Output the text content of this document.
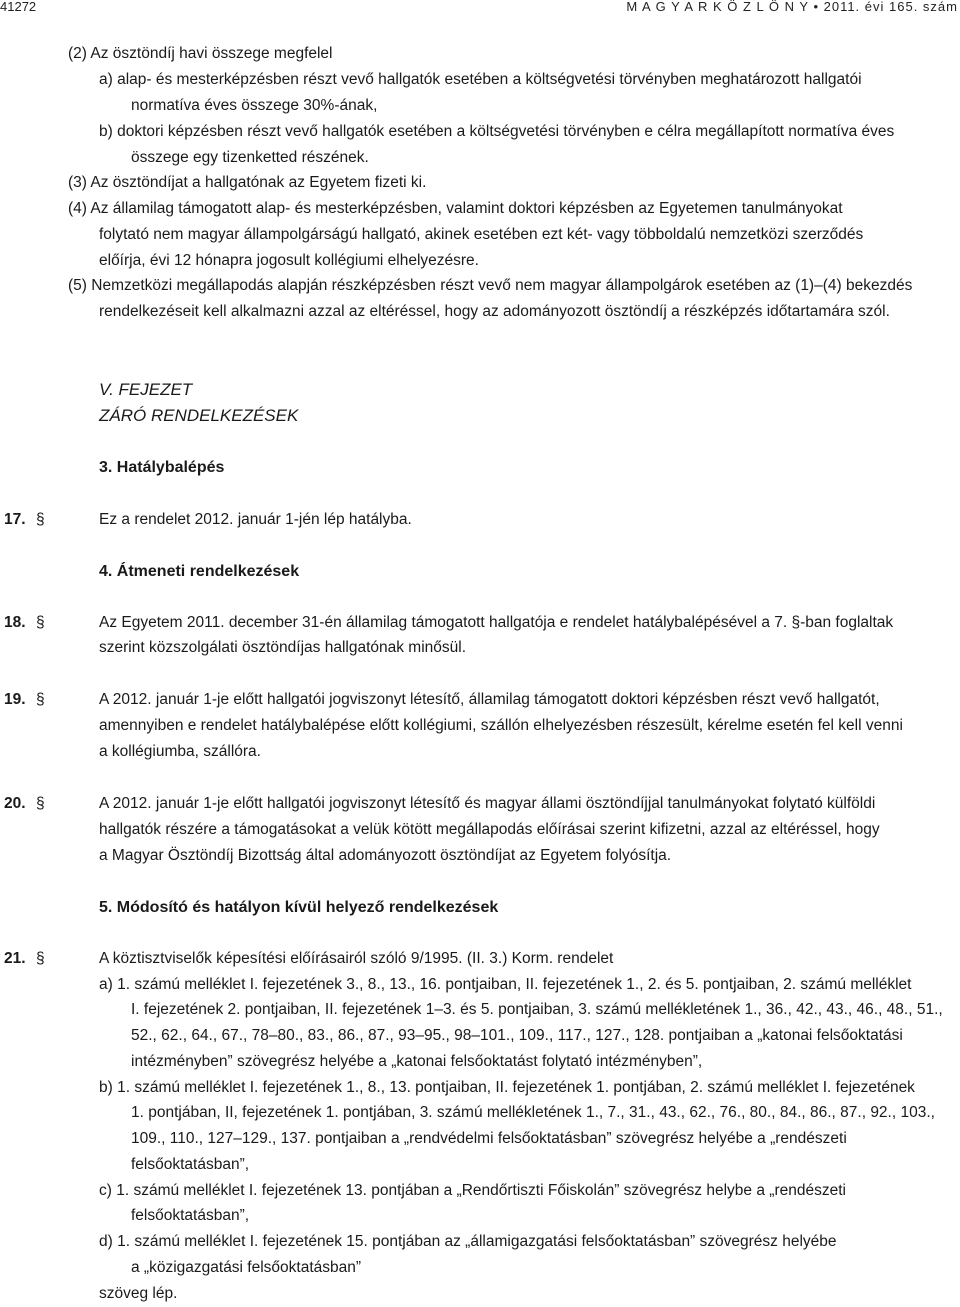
41272	M A G Y A R K Ö Z L Ö N Y • 2011. évi 165. szám
(2) Az ösztöndíj havi összege megfelel
a) alap- és mesterképzésben részt vevő hallgatók esetében a költségvetési törvényben meghatározott hallgatói
normatíva éves összege 30%-ának,
b) doktori képzésben részt vevő hallgatók esetében a költségvetési törvényben e célra megállapított normatíva éves
összege egy tizenketted részének.
(3) Az ösztöndíjat a hallgatónak az Egyetem fizeti ki.
(4) Az államilag támogatott alap- és mesterképzésben, valamint doktori képzésben az Egyetemen tanulmányokat
folytató nem magyar állampolgárságú hallgató, akinek esetében ezt két- vagy többoldalú nemzetközi szerződés
előírja, évi 12 hónapra jogosult kollégiumi elhelyezésre.
(5) Nemzetközi megállapodás alapján részképzésben részt vevő nem magyar állampolgárok esetében az (1)–(4) bekezdés
rendelkezéseit kell alkalmazni azzal az eltéréssel, hogy az adományozott ösztöndíj a részképzés időtartamára szól.
V. FEJEZET
ZÁRÓ RENDELKEZÉSEK
3. Hatálybalépés
17. §	Ez a rendelet 2012. január 1-jén lép hatályba.
4. Átmeneti rendelkezések
18. §	Az Egyetem 2011. december 31-én államilag támogatott hallgatója e rendelet hatálybalépésével a 7. §-ban foglaltak
szerint közszolgálati ösztöndíjas hallgatónak minősül.
19. §	A 2012. január 1-je előtt hallgatói jogviszonyt létesítő, államilag támogatott doktori képzésben részt vevő hallgatót,
amennyiben e rendelet hatálybalépése előtt kollégiumi, szállón elhelyezésben részesült, kérelme esetén fel kell venni
a kollégiumba, szállóra.
20. §	A 2012. január 1-je előtt hallgatói jogviszonyt létesítő és magyar állami ösztöndíjjal tanulmányokat folytató külföldi
hallgatók részére a támogatásokat a velük kötött megállapodás előírásai szerint kifizetni, azzal az eltéréssel, hogy
a Magyar Ösztöndíj Bizottság által adományozott ösztöndíjat az Egyetem folyósítja.
5. Módosító és hatályon kívül helyező rendelkezések
21. §	A köztisztviselők képesítési előírásairól szóló 9/1995. (II. 3.) Korm. rendelet
a) 1. számú melléklet I. fejezetének 3., 8., 13., 16. pontjaiban, II. fejezetének 1., 2. és 5. pontjaiban, 2. számú melléklet
I. fejezetének 2. pontjaiban, II. fejezetének 1–3. és 5. pontjaiban, 3. számú mellékletének 1., 36., 42., 43., 46., 48., 51.,
52., 62., 64., 67., 78–80., 83., 86., 87., 93–95., 98–101., 109., 117., 127., 128. pontjaiban a „katonai felsőoktatási
intézményben” szövegrész helyébe a „katonai felsőoktatást folytató intézményben”,
b) 1. számú melléklet I. fejezetének 1., 8., 13. pontjaiban, II. fejezetének 1. pontjában, 2. számú melléklet I. fejezetének
1. pontjában, II, fejezetének 1. pontjában, 3. számú mellékletének 1., 7., 31., 43., 62., 76., 80., 84., 86., 87., 92., 103.,
109., 110., 127–129., 137. pontjaiban a „rendvédelmi felsőoktatásban” szövegrész helyébe a „rendészeti
felsőoktatásban”,
c) 1. számú melléklet I. fejezetének 13. pontjában a „Rendőrtiszti Főiskolán” szövegrész helybe a „rendészeti
felsőoktatásban”,
d) 1. számú melléklet I. fejezetének 15. pontjában az „államigazgatási felsőoktatásban” szövegrész helyébe
a „közigazgatási felsőoktatásban”
szöveg lép.
